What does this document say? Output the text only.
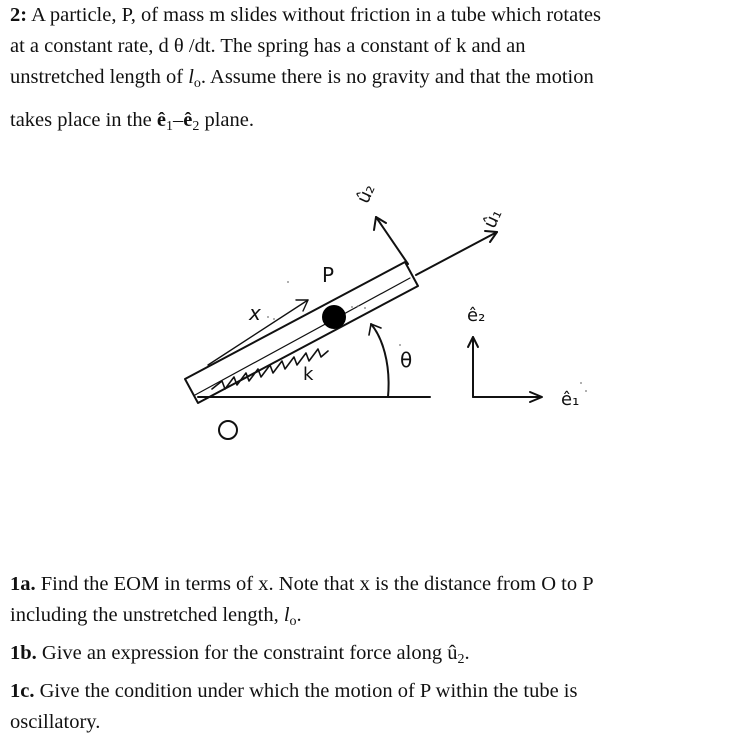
2: A particle, P, of mass m slides without friction in a tube which rotates
at a constant rate, d θ /dt. The spring has a constant of k and an
unstretched length of $l_o$. Assume there is no gravity and that the motion
takes place in the $ê_1-ê_2$ plane.
P
x
k
θ
û₂
û₁
ê₂
ê₁
1a. Find the EOM in terms of x. Note that x is the distance from O to P
including the unstretched length, $l_o$.
1b. Give an expression for the constraint force along $û_2$.
1c. Give the condition under which the motion of P within the tube is
oscillatory.
